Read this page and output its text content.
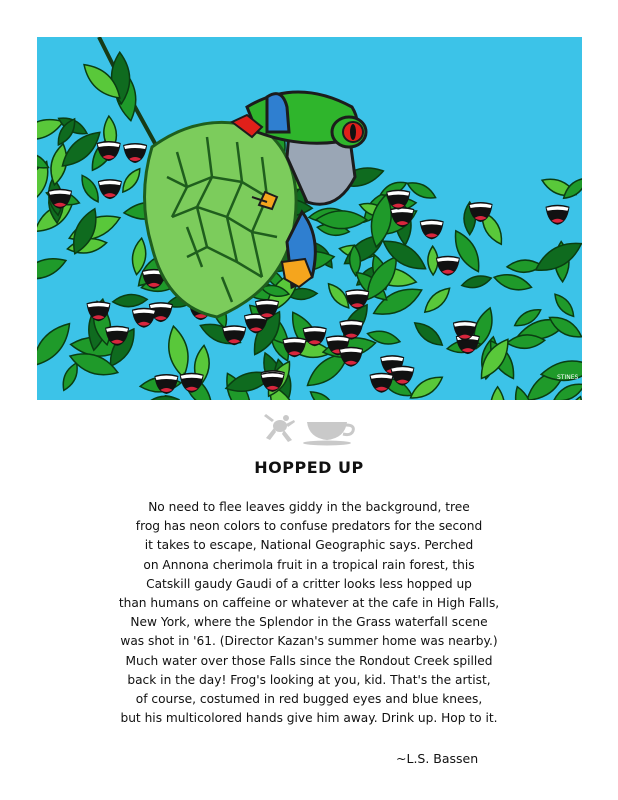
STINES
HOPPED UP
No need to flee leaves giddy in the background, tree
frog has neon colors to confuse predators for the second
it takes to escape, National Geographic says. Perched
on Annona cherimola fruit in a tropical rain forest, this
Catskill gaudy Gaudi of a critter looks less hopped up
than humans on caffeine or whatever at the cafe in High Falls,
New York, where the Splendor in the Grass waterfall scene
was shot in '61. (Director Kazan's summer home was nearby.)
Much water over those Falls since the Rondout Creek spilled
back in the day! Frog's looking at you, kid. That's the artist,
of course, costumed in red bugged eyes and blue knees,
but his multicolored hands give him away. Drink up. Hop to it.
~L.S. Bassen
